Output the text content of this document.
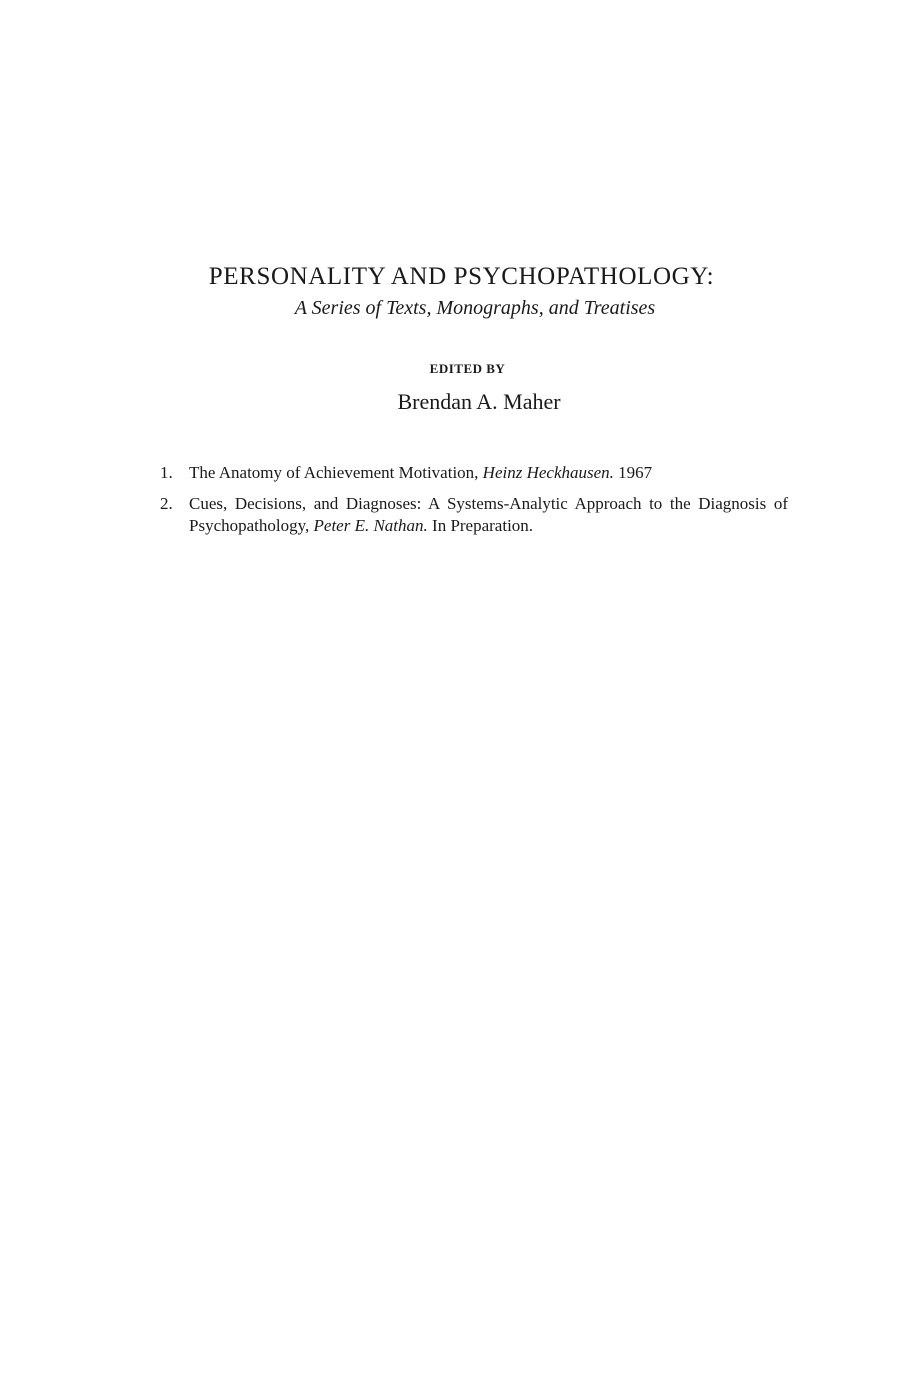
PERSONALITY AND PSYCHOPATHOLOGY:
A Series of Texts, Monographs, and Treatises
EDITED BY
Brendan A. Maher
1. The Anatomy of Achievement Motivation, Heinz Heckhausen. 1967
2. Cues, Decisions, and Diagnoses: A Systems-Analytic Approach to the Diagnosis of Psychopathology, Peter E. Nathan. In Preparation.
